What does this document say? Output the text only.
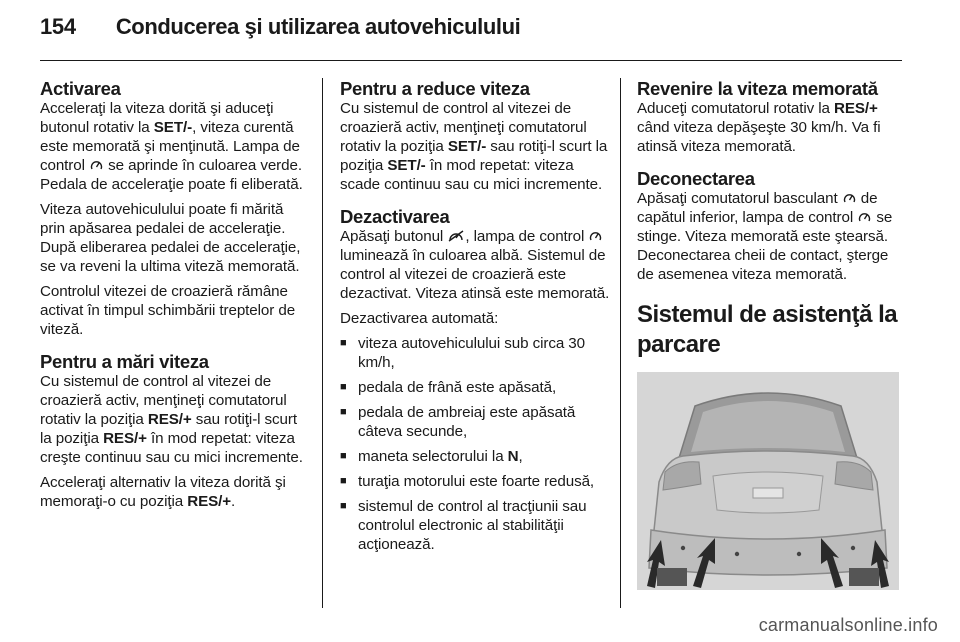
154 Conducerea şi utilizarea autovehiculului
Activarea

Acceleraţi la viteza dorită şi aduceţi butonul rotativ la SET/-, viteza curentă este memorată şi menţinută. Lampa de control  se aprinde în culoarea verde. Pedala de acceleraţie poate fi eliberată.

Viteza autovehiculului poate fi mărită prin apăsarea pedalei de acceleraţie. După eliberarea pedalei de acceleraţie, se va reveni la ultima viteză memorată.

Controlul vitezei de croazieră rămâne activat în timpul schimbării treptelor de viteză.

Pentru a mări viteza

Cu sistemul de control al vitezei de croazieră activ, menţineţi comutatorul rotativ la poziţia RES/+ sau rotiţi-l scurt la poziţia RES/+ în mod repetat: viteza creşte continuu sau cu mici incremente.

Acceleraţi alternativ la viteza dorită şi memoraţi-o cu poziţia RES/+.

Pentru a reduce viteza

Cu sistemul de control al vitezei de croazieră activ, menţineţi comutatorul rotativ la poziţia SET/- sau rotiţi-l scurt la poziţia SET/- în mod repetat: viteza scade continuu sau cu mici incremente.

Dezactivarea

Apăsaţi butonul , lampa de control  luminează în culoarea albă. Sistemul de control al vitezei de croazieră este dezactivat. Viteza atinsă este memorată.

Dezactivarea automată:

■ viteza autovehiculului sub circa 30 km/h,
■ pedala de frână este apăsată,
■ pedala de ambreiaj este apăsată câteva secunde,
■ maneta selectorului la N,
■ turaţia motorului este foarte redusă,
■ sistemul de control al tracţiunii sau controlul electronic al stabilităţii acţionează.
Revenire la viteza memorată

Aduceţi comutatorul rotativ la RES/+ când viteza depăşeşte 30 km/h. Va fi atinsă viteza memorată.

Deconectarea

Apăsaţi comutatorul basculant  de capătul inferior, lampa de control  se stinge. Viteza memorată este ştearsă. Deconectarea cheii de contact, şterge de asemenea viteza memorată.

Sistemul de asistenţă la parcare
carmanualsonline.info
